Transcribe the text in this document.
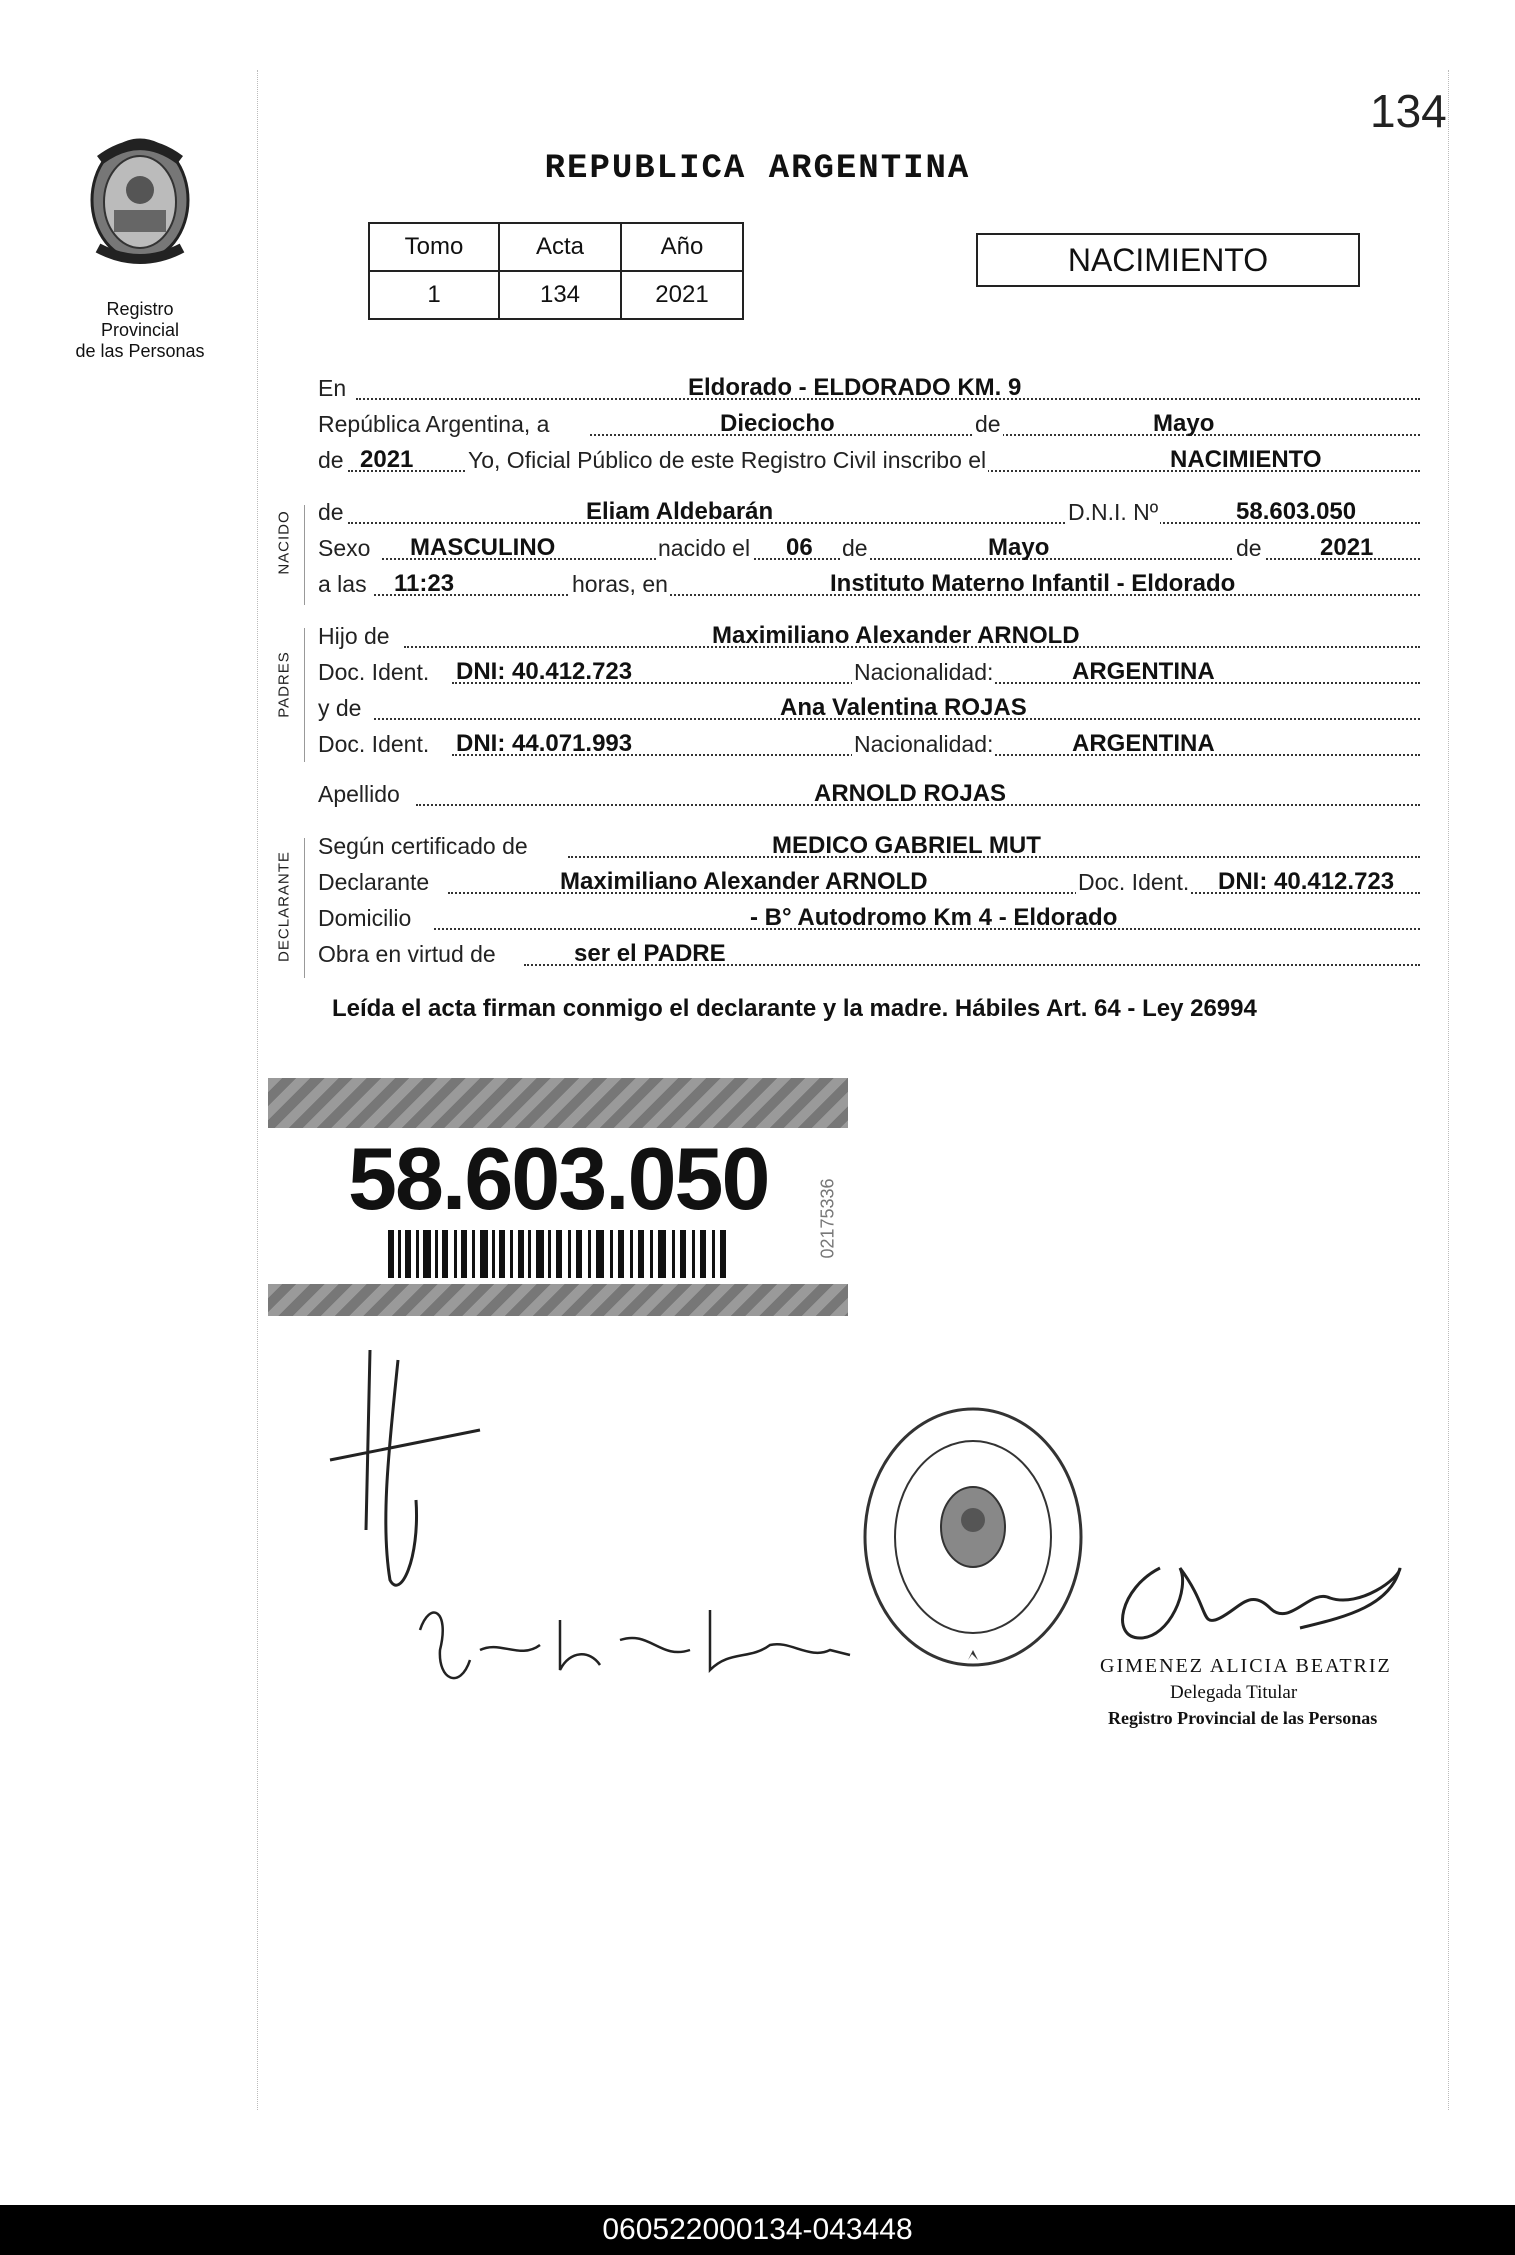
134
Registro Provincial
de las Personas
REPUBLICA ARGENTINA
Tomo	Acta	Año
1	134	2021
NACIMIENTO
En	Eldorado - ELDORADO KM. 9
República Argentina, a	Dieciocho	de	Mayo
de 2021 Yo, Oficial Público de este Registro Civil inscribo el	NACIMIENTO
de	Eliam Aldebarán	D.N.I. Nº	58.603.050
Sexo MASCULINO	nacido el 06 de	Mayo	de 2021
a las 11:23	horas, en	Instituto Materno Infantil - Eldorado
Hijo de	Maximiliano Alexander ARNOLD
Doc. Ident. DNI: 40.412.723	Nacionalidad:	ARGENTINA
y de	Ana Valentina ROJAS
Doc. Ident. DNI: 44.071.993	Nacionalidad:	ARGENTINA
Apellido	ARNOLD ROJAS
Según certificado de	MEDICO GABRIEL MUT
Declarante	Maximiliano Alexander ARNOLD	Doc. Ident. DNI: 40.412.723
Domicilio	- B° Autodromo Km 4 - Eldorado
Obra en virtud de	ser el PADRE
NACIDO
PADRES
DECLARANTE
Leída el acta firman conmigo el declarante y la madre. Hábiles Art. 64 - Ley 26994
58.603.050	02175336
GIMENEZ ALICIA BEATRIZ
Delegada Titular
Registro Provincial de las Personas
060522000134-043448
